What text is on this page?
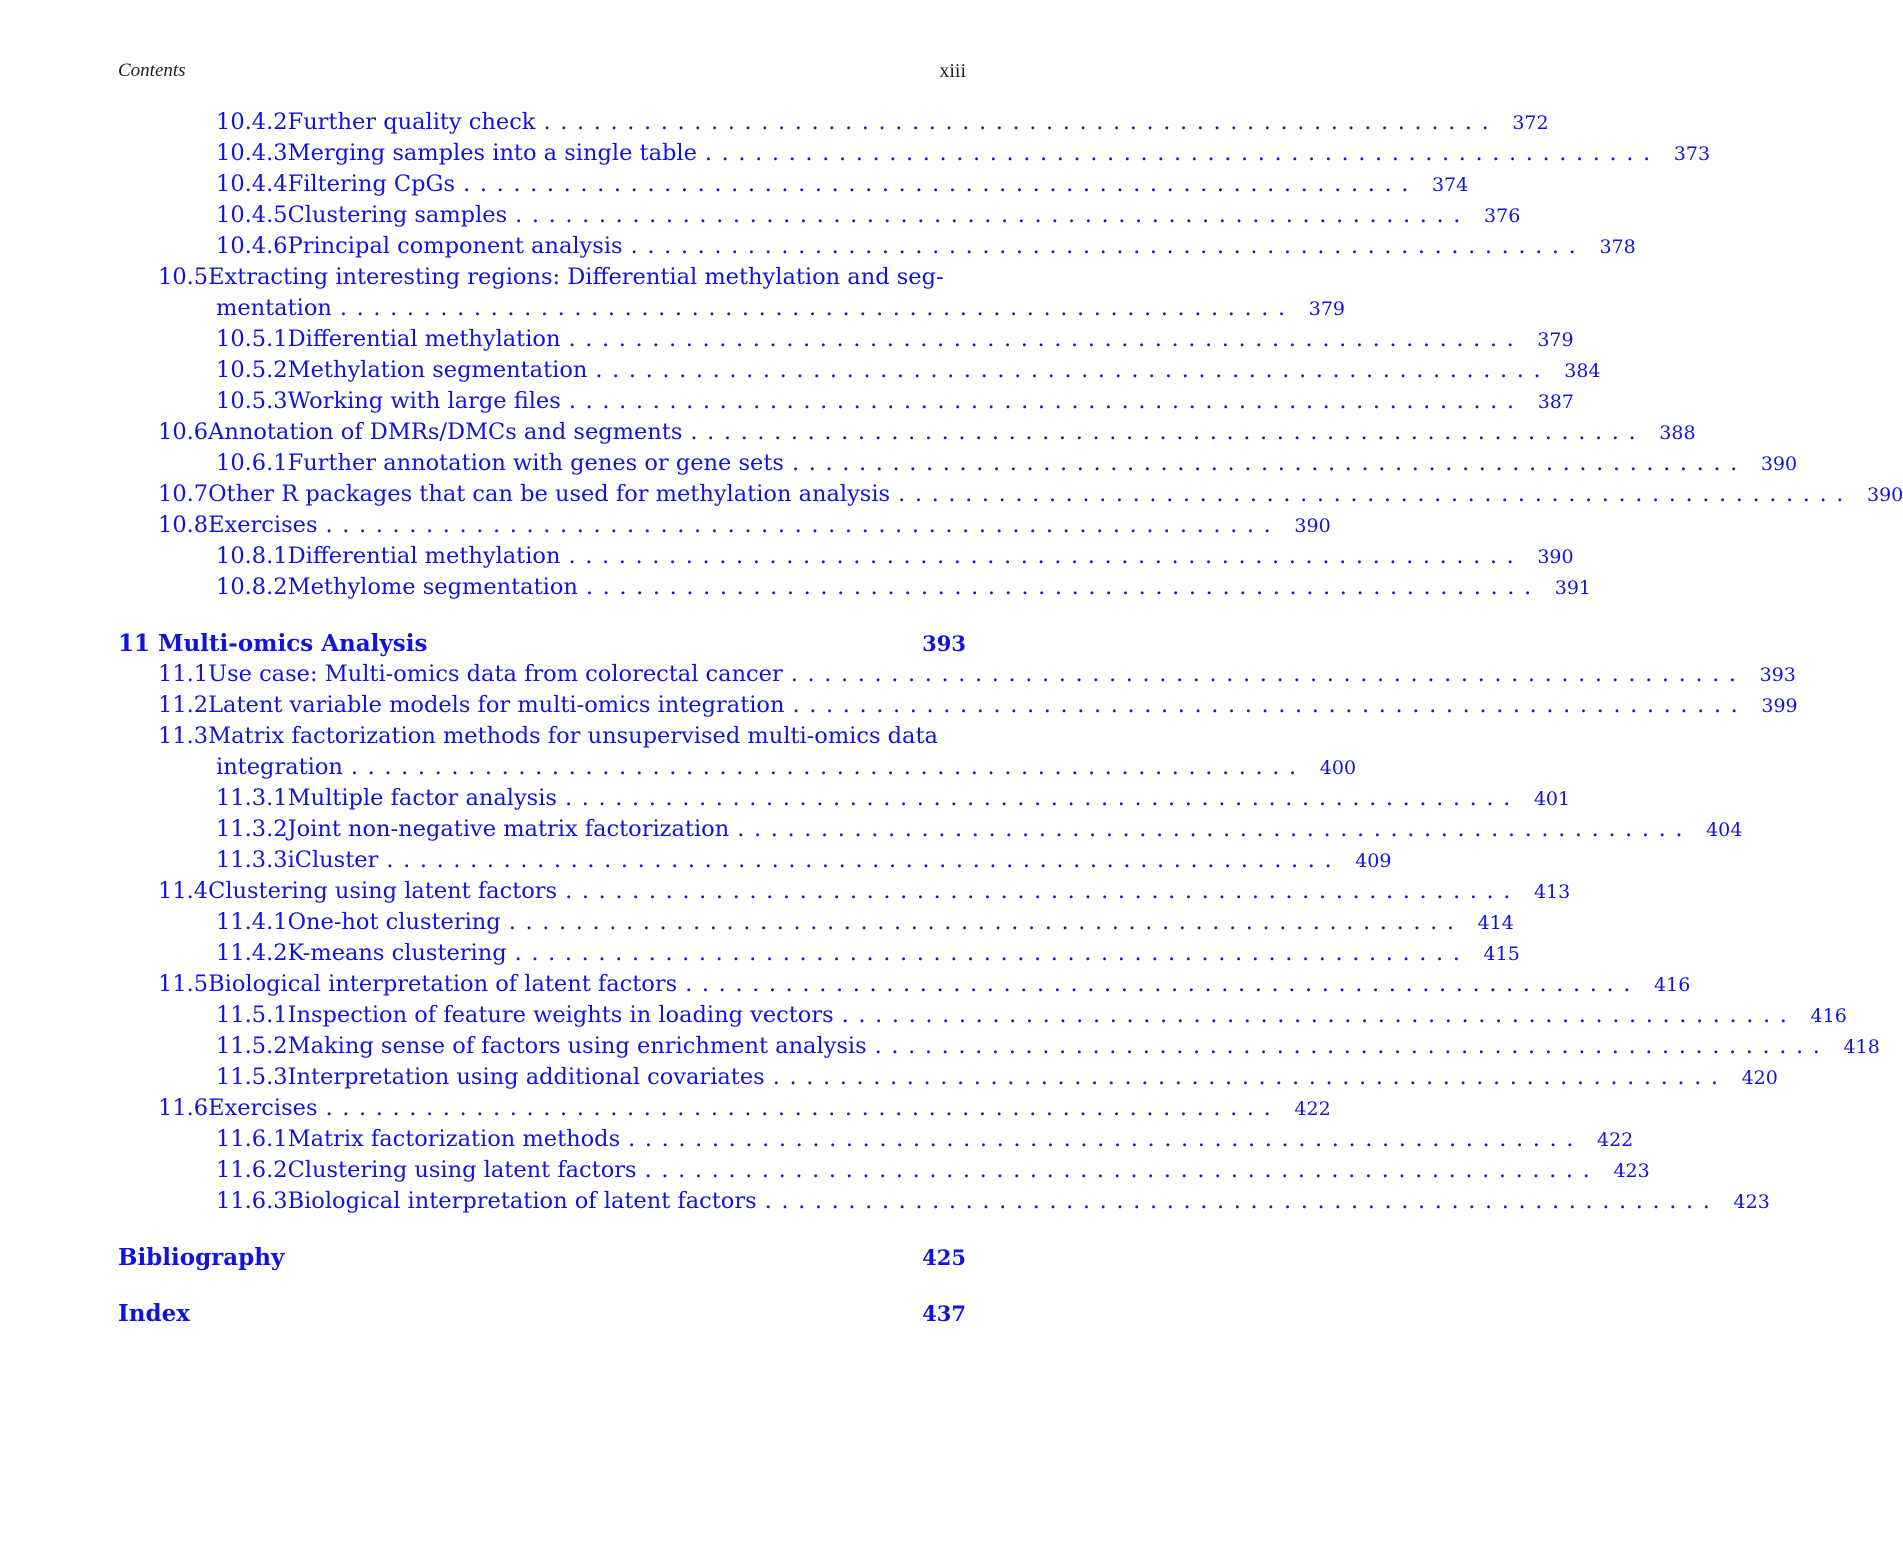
Contents	xiii
10.4.2 Further quality check ......................................................... 372
10.4.3 Merging samples into a single table ......................................................... 373
10.4.4 Filtering CpGs ......................................................... 374
10.4.5 Clustering samples ......................................................... 376
10.4.6 Principal component analysis ......................................................... 378
10.5 Extracting interesting regions: Differential methylation and seg-
mentation ......................................................... 379
10.5.1 Differential methylation ......................................................... 379
10.5.2 Methylation segmentation ......................................................... 384
10.5.3 Working with large files ......................................................... 387
10.6 Annotation of DMRs/DMCs and segments ......................................................... 388
10.6.1 Further annotation with genes or gene sets ......................................................... 390
10.7 Other R packages that can be used for methylation analysis ......................................................... 390
10.8 Exercises ......................................................... 390
10.8.1 Differential methylation ......................................................... 390
10.8.2 Methylome segmentation ......................................................... 391
11 Multi-omics Analysis	393
11.1 Use case: Multi-omics data from colorectal cancer ......................................................... 393
11.2 Latent variable models for multi-omics integration ......................................................... 399
11.3 Matrix factorization methods for unsupervised multi-omics data
integration ......................................................... 400
11.3.1 Multiple factor analysis ......................................................... 401
11.3.2 Joint non-negative matrix factorization ......................................................... 404
11.3.3 iCluster ......................................................... 409
11.4 Clustering using latent factors ......................................................... 413
11.4.1 One-hot clustering ......................................................... 414
11.4.2 K-means clustering ......................................................... 415
11.5 Biological interpretation of latent factors ......................................................... 416
11.5.1 Inspection of feature weights in loading vectors ......................................................... 416
11.5.2 Making sense of factors using enrichment analysis ......................................................... 418
11.5.3 Interpretation using additional covariates ......................................................... 420
11.6 Exercises ......................................................... 422
11.6.1 Matrix factorization methods ......................................................... 422
11.6.2 Clustering using latent factors ......................................................... 423
11.6.3 Biological interpretation of latent factors ......................................................... 423
Bibliography	425
Index	437
